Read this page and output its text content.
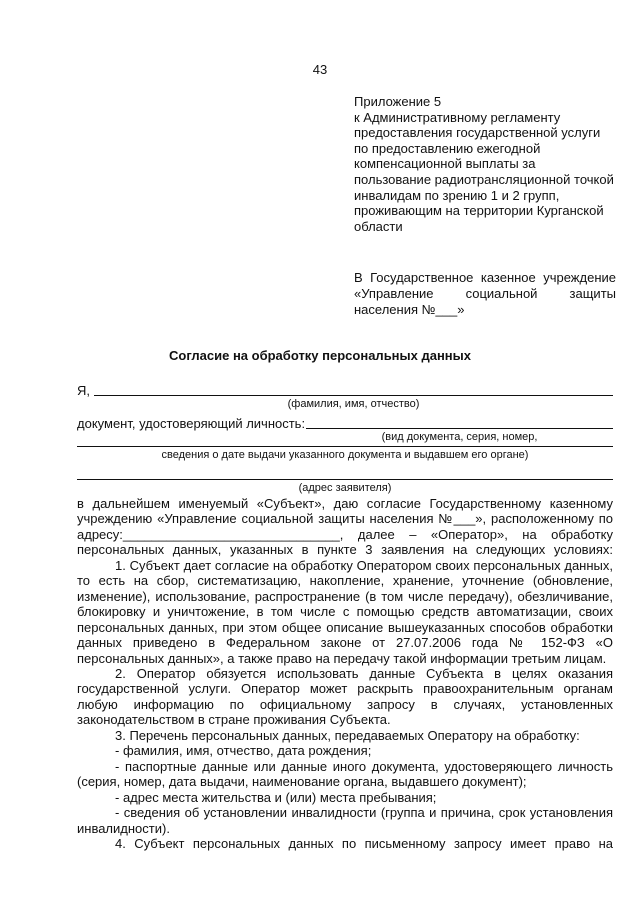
43
Приложение 5
к Административному регламенту
предоставления государственной услуги
по предоставлению ежегодной
компенсационной выплаты за
пользование радиотрансляционной точкой
инвалидам по зрению 1 и 2 групп,
проживающим на территории Курганской
области
В Государственное казенное учреждение
«Управление социальной защиты
населения №___»
Согласие на обработку персональных данных
Я,
(фамилия, имя, отчество)
документ, удостоверяющий личность:
(вид документа, серия, номер,
сведения о дате выдачи указанного документа и выдавшем его органе)
(адрес заявителя)

в дальнейшем именуемый «Субъект», даю согласие Государственному казенному

учреждению «Управление социальной защиты населения №___», расположенному по

адресу:______________________________, далее – «Оператор», на обработку

персональных данных, указанных в пункте 3 заявления на следующих условиях:

1. Субъект дает согласие на обработку Оператором своих персональных данных, то есть на сбор, систематизацию, накопление, хранение, уточнение (обновление, изменение), использование, распространение (в том числе передачу), обезличивание, блокировку и уничтожение, в том числе с помощью средств автоматизации, своих персональных данных, при этом общее описание вышеуказанных способов обработки данных приведено в Федеральном законе от 27.07.2006 года № 152-ФЗ «О персональных данных», а также право на передачу такой информации третьим лицам.

2. Оператор обязуется использовать данные Субъекта в целях оказания государственной услуги. Оператор может раскрыть правоохранительным органам любую информацию по официальному запросу в случаях, установленных законодательством в стране проживания Субъекта.

3. Перечень персональных данных, передаваемых Оператору на обработку:

- фамилия, имя, отчество, дата рождения;

- паспортные данные или данные иного документа, удостоверяющего личность (серия, номер, дата выдачи, наименование органа, выдавшего документ);

- адрес места жительства и (или) места пребывания;

- сведения об установлении инвалидности (группа и причина, срок установления инвалидности).

4. Субъект персональных данных по письменному запросу имеет право на
